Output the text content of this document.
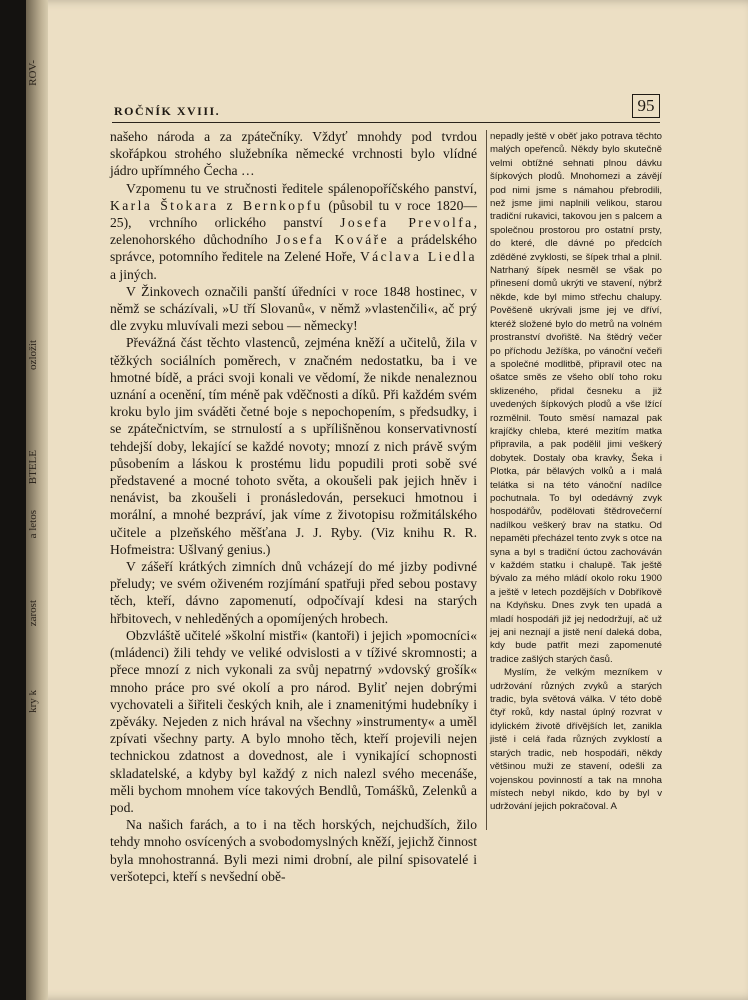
ROV-
ozložit
BTELE
a letos
zarost
kry k
ROČNÍK XVIII.	95

našeho národa a za zpátečníky. Vždyť mnohdy pod tvrdou skořápkou strohého služebníka německé vrchnosti bylo vlídné jádro upřímného Čecha …

Vzpomenu tu ve stručnosti ředitele spálenopoříčského panství, Karla Štokara z Bernkopfu (působil tu v roce 1820—25), vrchního orlického panství Josefa Prevolfa, zelenohorského důchodního Josefa Kováře a prádelského správce, potomního ředitele na Zelené Hoře, Václava Liedla a jiných.

V Žinkovech označili panští úředníci v roce 1848 hostinec, v němž se scházívali, »U tří Slovanů«, v němž »vlastenčili«, ač prý dle zvyku mluvívali mezi sebou — německy!

Převážná část těchto vlastenců, zejména kněží a učitelů, žila v těžkých sociálních poměrech, v značném nedostatku, ba i ve hmotné bídě, a práci svoji konali ve vědomí, že nikde nenaleznou uznání a ocenění, tím méně pak vděčnosti a díků. Při každém svém kroku bylo jim sváděti četné boje s nepochopením, s předsudky, i se zpátečnictvím, se strnulostí a s upřílišněnou konservativností tehdejší doby, lekající se každé novoty; mnozí z nich právě svým působením a láskou k prostému lidu popudili proti sobě své představené a mocné tohoto světa, a okoušeli pak jejich hněv i nenávist, ba zkoušeli i pronásledován, persekuci hmotnou i morální, a mnohé bezpráví, jak víme z životopisu rožmitálského učitele a plzeňského měšťana J. J. Ryby. (Viz knihu R. R. Hofmeistra: Ušlvaný genius.)

V zášeří krátkých zimních dnů vcházejí do mé jizby podivné přeludy; ve svém oživeném rozjímání spatřuji před sebou postavy těch, kteří, dávno zapomenutí, odpočívají kdesi na starých hřbitovech, v nehleděných a opomíjených hrobech.

Obzvláště učitelé »školní mistři« (kantoři) i jejich »pomocníci« (mládenci) žili tehdy ve veliké odvislosti a v tíživé skromnosti; a přece mnozí z nich vykonali za svůj nepatrný »vdovský grošík« mnoho práce pro své okolí a pro národ. Byliť nejen dobrými vychovateli a šiřiteli českých knih, ale i znamenitými hudebníky i zpěváky. Nejeden z nich hrával na všechny »instrumenty« a uměl zpívati všechny party. A bylo mnoho těch, kteří projevili nejen technickou zdatnost a dovednost, ale i vynikající schopnosti skladatelské, a kdyby byl každý z nich nalezl svého mecenáše, měli bychom mnohem více takových Bendlů, Tomášků, Zelenků a pod.

Na našich farách, a to i na těch horských, nejchudších, žilo tehdy mnoho osvícených a svobodomyslných kněží, jejichž činnost byla mnohostranná. Byli mezi nimi drobní, ale pilní spisovatelé i veršotepci, kteří s nevšední obě-

nepadly ještě v oběť jako potrava těchto malých opeřenců. Někdy bylo skutečně velmi obtížné sehnati plnou dávku šípkových plodů. Mnohomezi a závějí pod nimi jsme s námahou přebrodili, než jsme jimi naplnili velikou, starou tradiční rukavici, takovou jen s palcem a společnou prostorou pro ostatní prsty, do které, dle dávné po předcích zděděné zvyklosti, se šípek trhal a plnil. Natrhaný šípek nesměl se však po přinesení domů ukrýti ve stavení, nýbrž někde, kde byl mimo střechu chalupy. Pověšeně ukrývali jsme jej ve dříví, kteréž složené bylo do metrů na volném prostranství dvořiště. Na štědrý večer po příchodu Ježíška, po vánoční večeři a společné modlitbě, připravil otec na ošatce směs ze všeho oblí toho roku sklizeného, přidal česneku a již uvedených šípkových plodů a vše lžící rozmělnil. Touto směsí namazal pak krajíčky chleba, které mezitím matka připravila, a pak podělil jimi veškerý dobytek. Dostaly oba kravky, Šeka i Plotka, pár bělavých volků a i malá telátka si na této vánoční nadílce pochutnala. To byl odedávný zvyk hospodářův, podělovati štědrovečerní nadílkou veškerý brav na statku. Od nepaměti přecházel tento zvyk s otce na syna a byl s tradiční úctou zachováván v každém statku i chalupě. Tak ještě bývalo za mého mládí okolo roku 1900 a ještě v letech pozdějších v Dobříkově na Kdyňsku. Dnes zvyk ten upadá a mladí hospodáři již jej nedodržují, ač už jej ani neznají a jistě není daleká doba, kdy bude patřit mezi zapomenuté tradice zašlých starých časů.

Myslím, že velkým mezníkem v udržování různých zvyků a starých tradic, byla světová válka. V této době čtyř roků, kdy nastal úplný rozvrat v idylickém životě dřívějších let, zanikla jistě i celá řada různých zvyklostí a starých tradic, neb hospodáři, někdy většinou muži ze stavení, odešli za vojenskou povinností a tak na mnoha místech nebyl nikdo, kdo by byl v udržování jejich pokračoval. A
